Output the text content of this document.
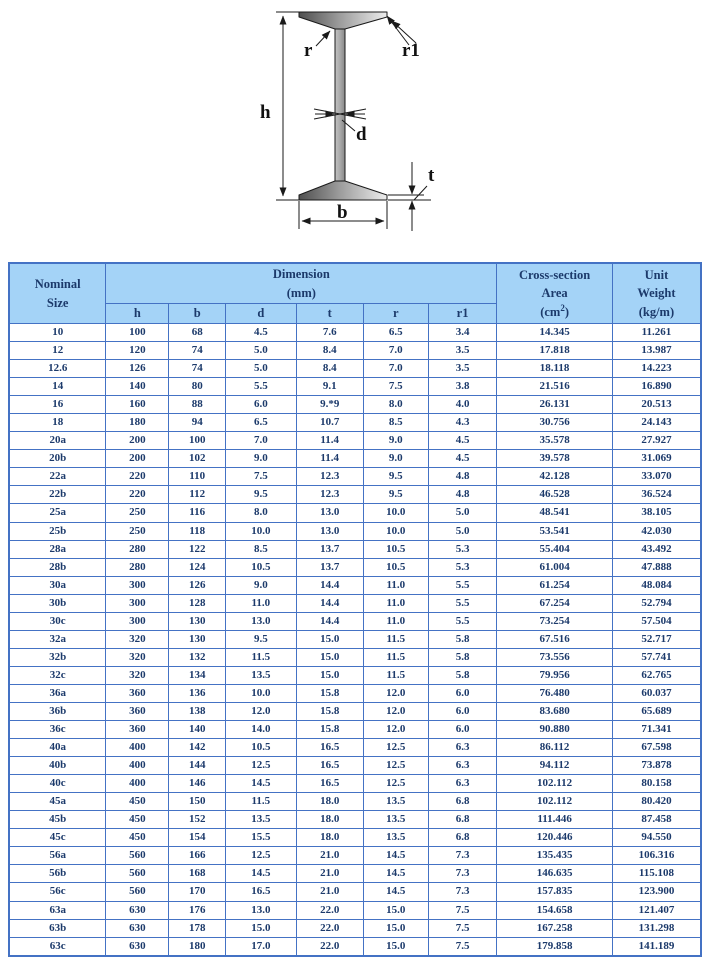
h
b
d
t
r	r1
Nominal
Size

Dimension
(mm)

Cross-section
Area
$(cm^2)$

Unit
Weight
(kg/m)

	h	b	d	t	r	r1		
10	100	68	4.5	7.6	6.5	3.4	14.345	11.261
12	120	74	5.0	8.4	7.0	3.5	17.818	13.987
12.6	126	74	5.0	8.4	7.0	3.5	18.118	14.223
14	140	80	5.5	9.1	7.5	3.8	21.516	16.890
16	160	88	6.0	9.*9	8.0	4.0	26.131	20.513
18	180	94	6.5	10.7	8.5	4.3	30.756	24.143
20a	200	100	7.0	11.4	9.0	4.5	35.578	27.927
20b	200	102	9.0	11.4	9.0	4.5	39.578	31.069
22a	220	110	7.5	12.3	9.5	4.8	42.128	33.070
22b	220	112	9.5	12.3	9.5	4.8	46.528	36.524
25a	250	116	8.0	13.0	10.0	5.0	48.541	38.105
25b	250	118	10.0	13.0	10.0	5.0	53.541	42.030
28a	280	122	8.5	13.7	10.5	5.3	55.404	43.492
28b	280	124	10.5	13.7	10.5	5.3	61.004	47.888
30a	300	126	9.0	14.4	11.0	5.5	61.254	48.084
30b	300	128	11.0	14.4	11.0	5.5	67.254	52.794
30c	300	130	13.0	14.4	11.0	5.5	73.254	57.504
32a	320	130	9.5	15.0	11.5	5.8	67.516	52.717
32b	320	132	11.5	15.0	11.5	5.8	73.556	57.741
32c	320	134	13.5	15.0	11.5	5.8	79.956	62.765
36a	360	136	10.0	15.8	12.0	6.0	76.480	60.037
36b	360	138	12.0	15.8	12.0	6.0	83.680	65.689
36c	360	140	14.0	15.8	12.0	6.0	90.880	71.341
40a	400	142	10.5	16.5	12.5	6.3	86.112	67.598
40b	400	144	12.5	16.5	12.5	6.3	94.112	73.878
40c	400	146	14.5	16.5	12.5	6.3	102.112	80.158
45a	450	150	11.5	18.0	13.5	6.8	102.112	80.420
45b	450	152	13.5	18.0	13.5	6.8	111.446	87.458
45c	450	154	15.5	18.0	13.5	6.8	120.446	94.550
56a	560	166	12.5	21.0	14.5	7.3	135.435	106.316
56b	560	168	14.5	21.0	14.5	7.3	146.635	115.108
56c	560	170	16.5	21.0	14.5	7.3	157.835	123.900
63a	630	176	13.0	22.0	15.0	7.5	154.658	121.407
63b	630	178	15.0	22.0	15.0	7.5	167.258	131.298
63c	630	180	17.0	22.0	15.0	7.5	179.858	141.189
